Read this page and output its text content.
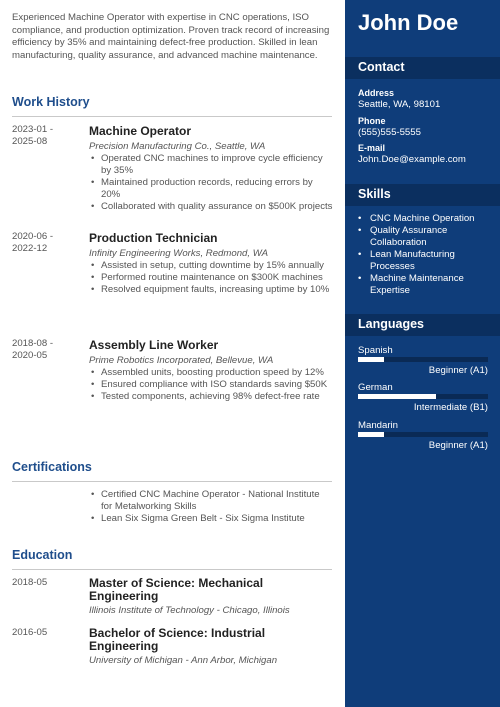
Experienced Machine Operator with expertise in CNC operations, ISO compliance, and production optimization. Proven track record of increasing efficiency by 35% and maintaining defect-free production. Skilled in lean manufacturing, quality assurance, and advanced machine maintenance.

Work History
2023-01 -
2025-08
Machine Operator
Precision Manufacturing Co., Seattle, WA
• Operated CNC machines to improve cycle efficiency by 35%
• Maintained production records, reducing errors by 20%
• Collaborated with quality assurance on $500K projects
2020-06 -
2022-12
Production Technician
Infinity Engineering Works, Redmond, WA
• Assisted in setup, cutting downtime by 15% annually
• Performed routine maintenance on $300K machines
• Resolved equipment faults, increasing uptime by 10%
2018-08 -
2020-05
Assembly Line Worker
Prime Robotics Incorporated, Bellevue, WA
• Assembled units, boosting production speed by 12%
• Ensured compliance with ISO standards saving $50K
• Tested components, achieving 98% defect-free rate
Certifications
• Certified CNC Machine Operator - National Institute for Metalworking Skills
• Lean Six Sigma Green Belt - Six Sigma Institute
Education
2018-05	Master of Science: Mechanical Engineering
Illinois Institute of Technology - Chicago, Illinois
2016-05	Bachelor of Science: Industrial Engineering
University of Michigan - Ann Arbor, Michigan
John Doe
Contact
Address
Seattle, WA, 98101
Phone
(555)555-5555
E-mail
John.Doe@example.com
Skills
• CNC Machine Operation
• Quality Assurance Collaboration
• Lean Manufacturing Processes
• Machine Maintenance Expertise
Languages
Spanish
Beginner (A1)
German
Intermediate (B1)
Mandarin
Beginner (A1)
